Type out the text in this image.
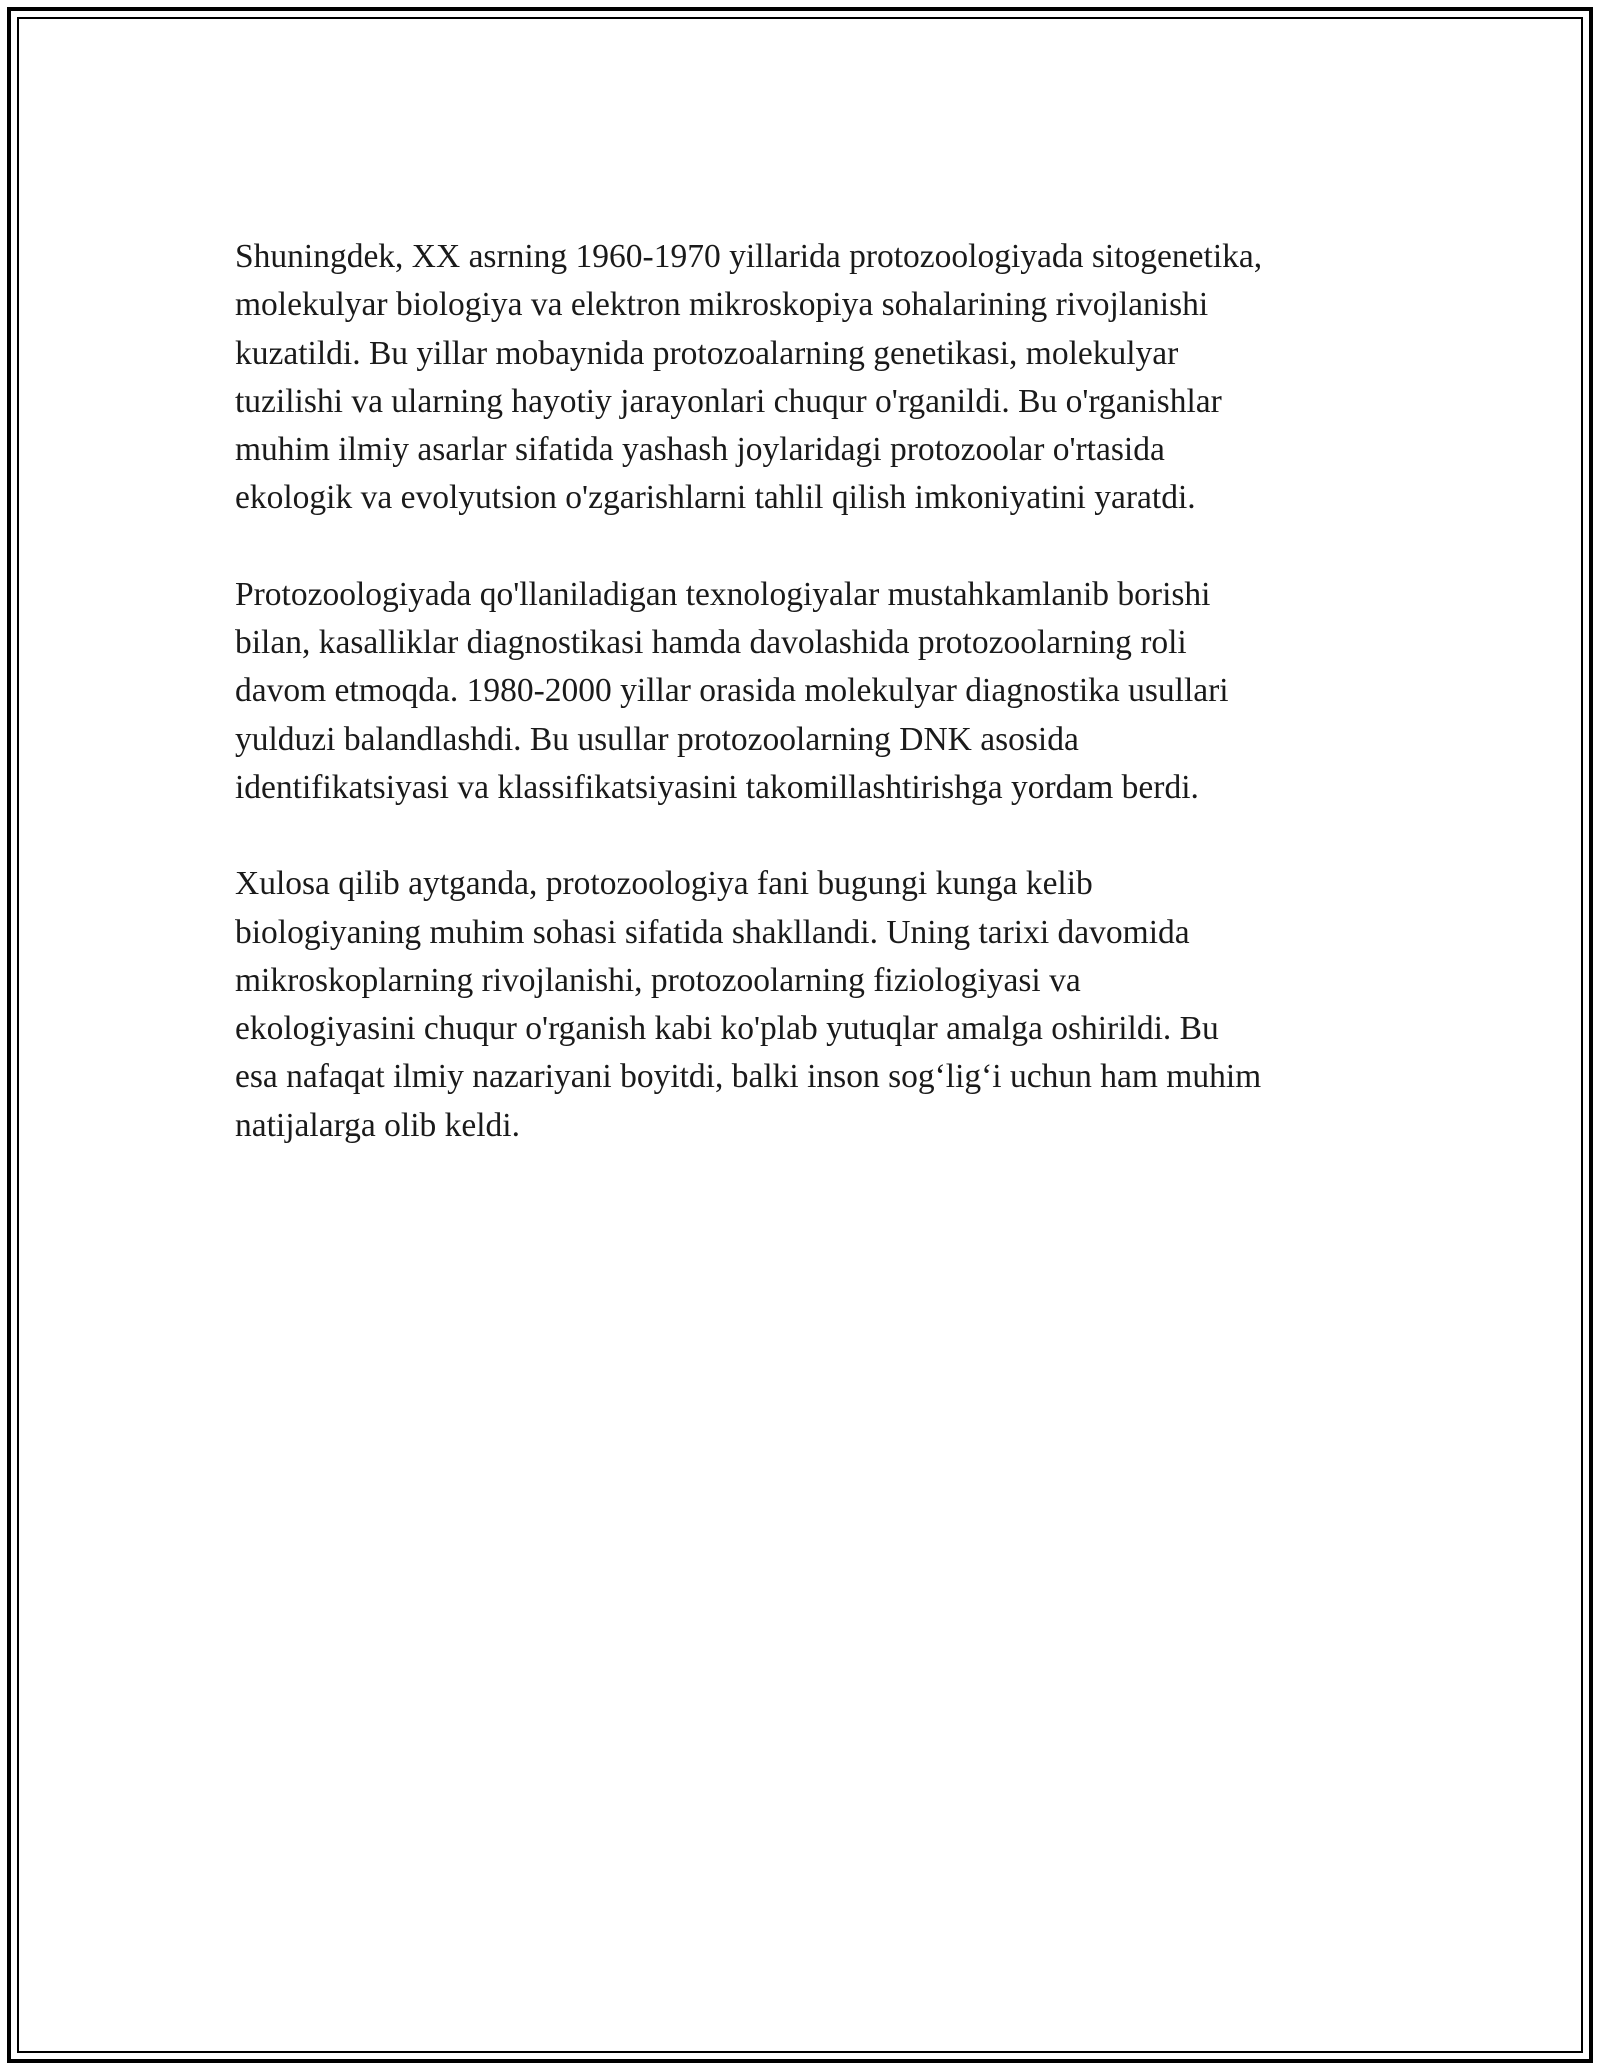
Shuningdek, XX asrning 1960-1970 yillarida protozoologiyada sitogenetika,
molekulyar biologiya va elektron mikroskopiya sohalarining rivojlanishi
kuzatildi. Bu yillar mobaynida protozoalarning genetikasi, molekulyar
tuzilishi va ularning hayotiy jarayonlari chuqur o'rganildi. Bu o'rganishlar
muhim ilmiy asarlar sifatida yashash joylaridagi protozoolar o'rtasida
ekologik va evolyutsion o'zgarishlarni tahlil qilish imkoniyatini yaratdi.

Protozoologiyada qo'llaniladigan texnologiyalar mustahkamlanib borishi
bilan, kasalliklar diagnostikasi hamda davolashida protozoolarning roli
davom etmoqda. 1980-2000 yillar orasida molekulyar diagnostika usullari
yulduzi balandlashdi. Bu usullar protozoolarning DNK asosida
identifikatsiyasi va klassifikatsiyasini takomillashtirishga yordam berdi.

Xulosa qilib aytganda, protozoologiya fani bugungi kunga kelib
biologiyaning muhim sohasi sifatida shakllandi. Uning tarixi davomida
mikroskoplarning rivojlanishi, protozoolarning fiziologiyasi va
ekologiyasini chuqur o'rganish kabi ko'plab yutuqlar amalga oshirildi. Bu
esa nafaqat ilmiy nazariyani boyitdi, balki inson sog‘lig‘i uchun ham muhim
natijalarga olib keldi.
